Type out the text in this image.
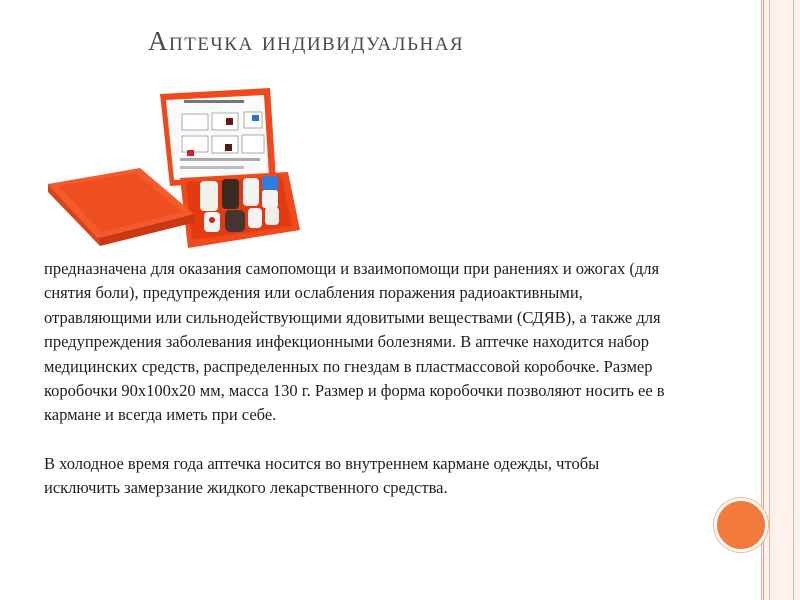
Аптечка индивидуальная

предназначена для оказания самопомощи и взаимопомощи при ранениях и ожогах (для снятия боли), предупреждения или ослабления поражения радиоактивными, отравляющими или сильнодействующими ядовитыми веществами (СДЯВ), а также для предупреждения заболевания инфекционными болезнями. В аптечке находится набор медицинских средств, распределенных по гнездам в пластмассовой коробочке. Размер коробочки 90х100х20 мм, масса 130 г. Размер и форма коробочки позволяют носить ее в кармане и всегда иметь при себе.

В холодное время года аптечка носится во внутреннем кармане одежды, чтобы исключить замерзание жидкого лекарственного средства.
